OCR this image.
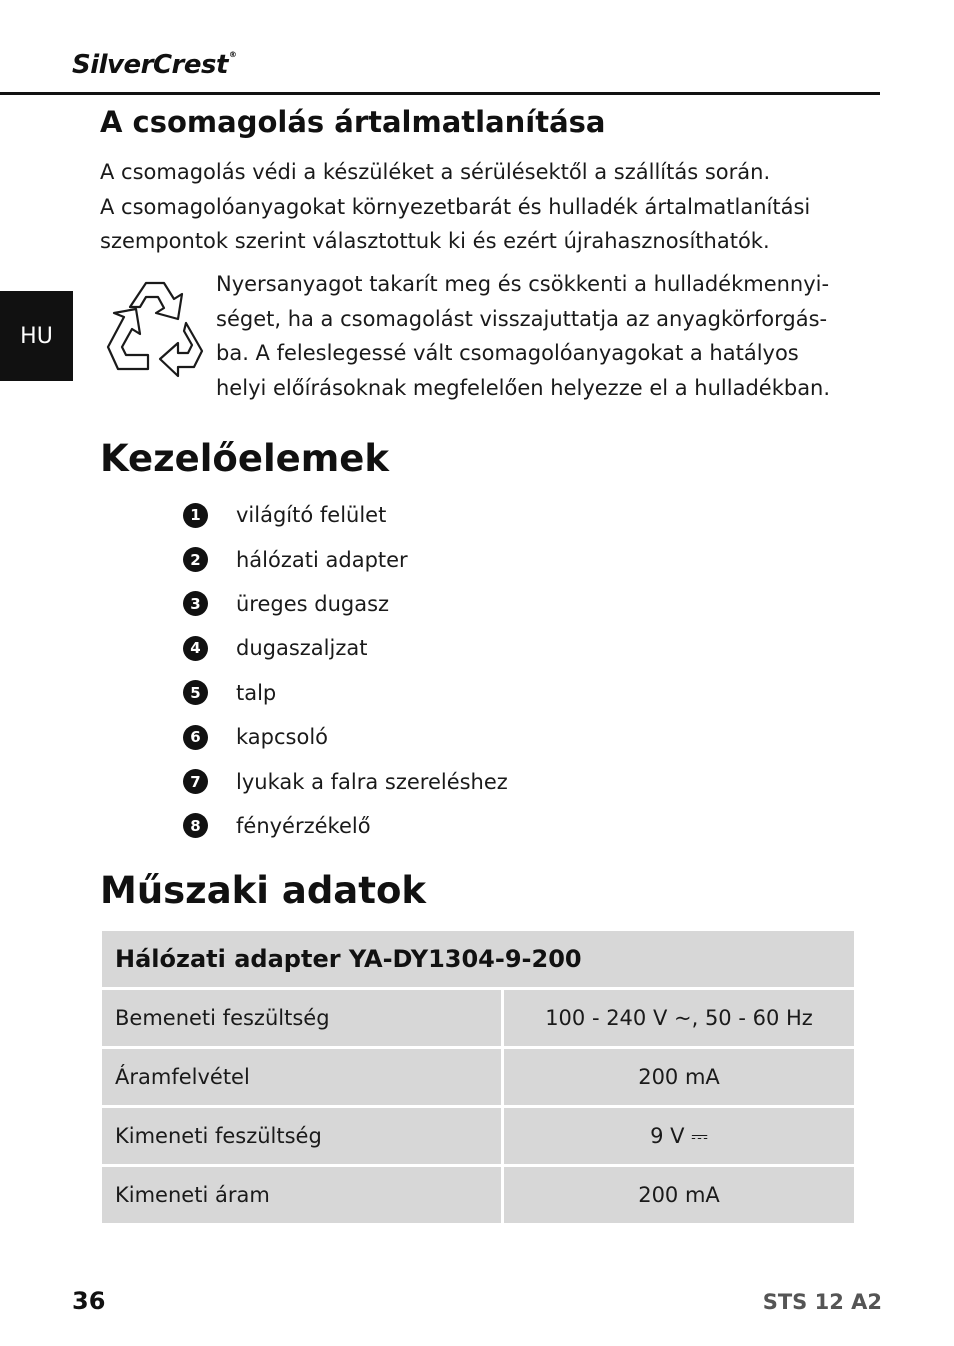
SilverCrest®
HU
A csomagolás ártalmatlanítása

A csomagolás védi a készüléket a sérülésektől a szállítás során.
A csomagolóanyagokat környezetbarát és hulladék ártalmatlanítási
szempontok szerint választottuk ki és ezért újrahasznosíthatók.

Nyersanyagot takarít meg és csökkenti a hulladékmennyi-
séget, ha a csomagolást visszajuttatja az anyagkörforgás-
ba. A feleslegessé vált csomagolóanyagokat a hatályos
helyi előírásoknak megfelelően helyezze el a hulladékban.

Kezelőelemek
1	világító felület
2	hálózati adapter
3	üreges dugasz
4	dugaszaljzat
5	talp
6	kapcsoló
7	lyukak a falra szereléshez
8	fényérzékelő
Műszaki adatok
Hálózati adapter YA-DY1304-9-200
Bemeneti feszültség	100 - 240 V ~, 50 - 60 Hz
Áramfelvétel	200 mA
Kimeneti feszültség	9 V ⎓
Kimeneti áram	200 mA
36	STS 12 A2
